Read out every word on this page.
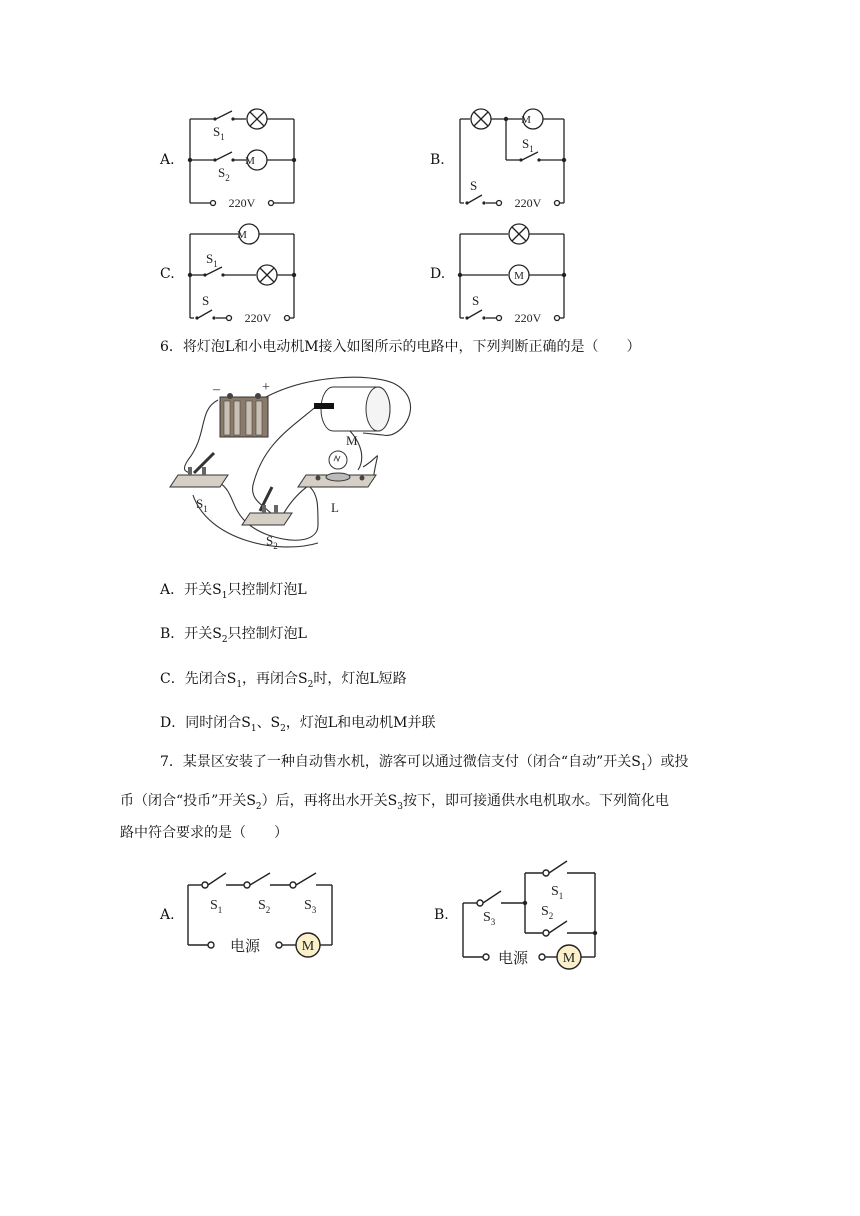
A.
$S_1$
M
$S_2$
220V
B.
M
$S_1$
S
220V
C.
M
$S_1$
S
220V
D.	M
S
220V
6．将灯泡L和小电动机M接入如图所示的电路中，下列判断正确的是（　　）
–	+
M
L
$S_1$
$S_2$
A．开关$S_1$只控制灯泡L
B．开关$S_2$只控制灯泡L
C．先闭合$S_1$，再闭合$S_2$时，灯泡L短路
D．同时闭合$S_1$、$S_2$，灯泡L和电动机M并联
7．某景区安装了一种自动售水机，游客可以通过微信支付（闭合“自动”开关$S_1$）或投
币（闭合“投币”开关$S_2$）后，再将出水开关$S_3$按下，即可接通供水电机取水。下列简化电
路中符合要求的是（　　）
A.
M
$S_1$	$S_2$ $S_3$
电源
B.
M
$S_1$
$S_2$
$S_3$
电源
